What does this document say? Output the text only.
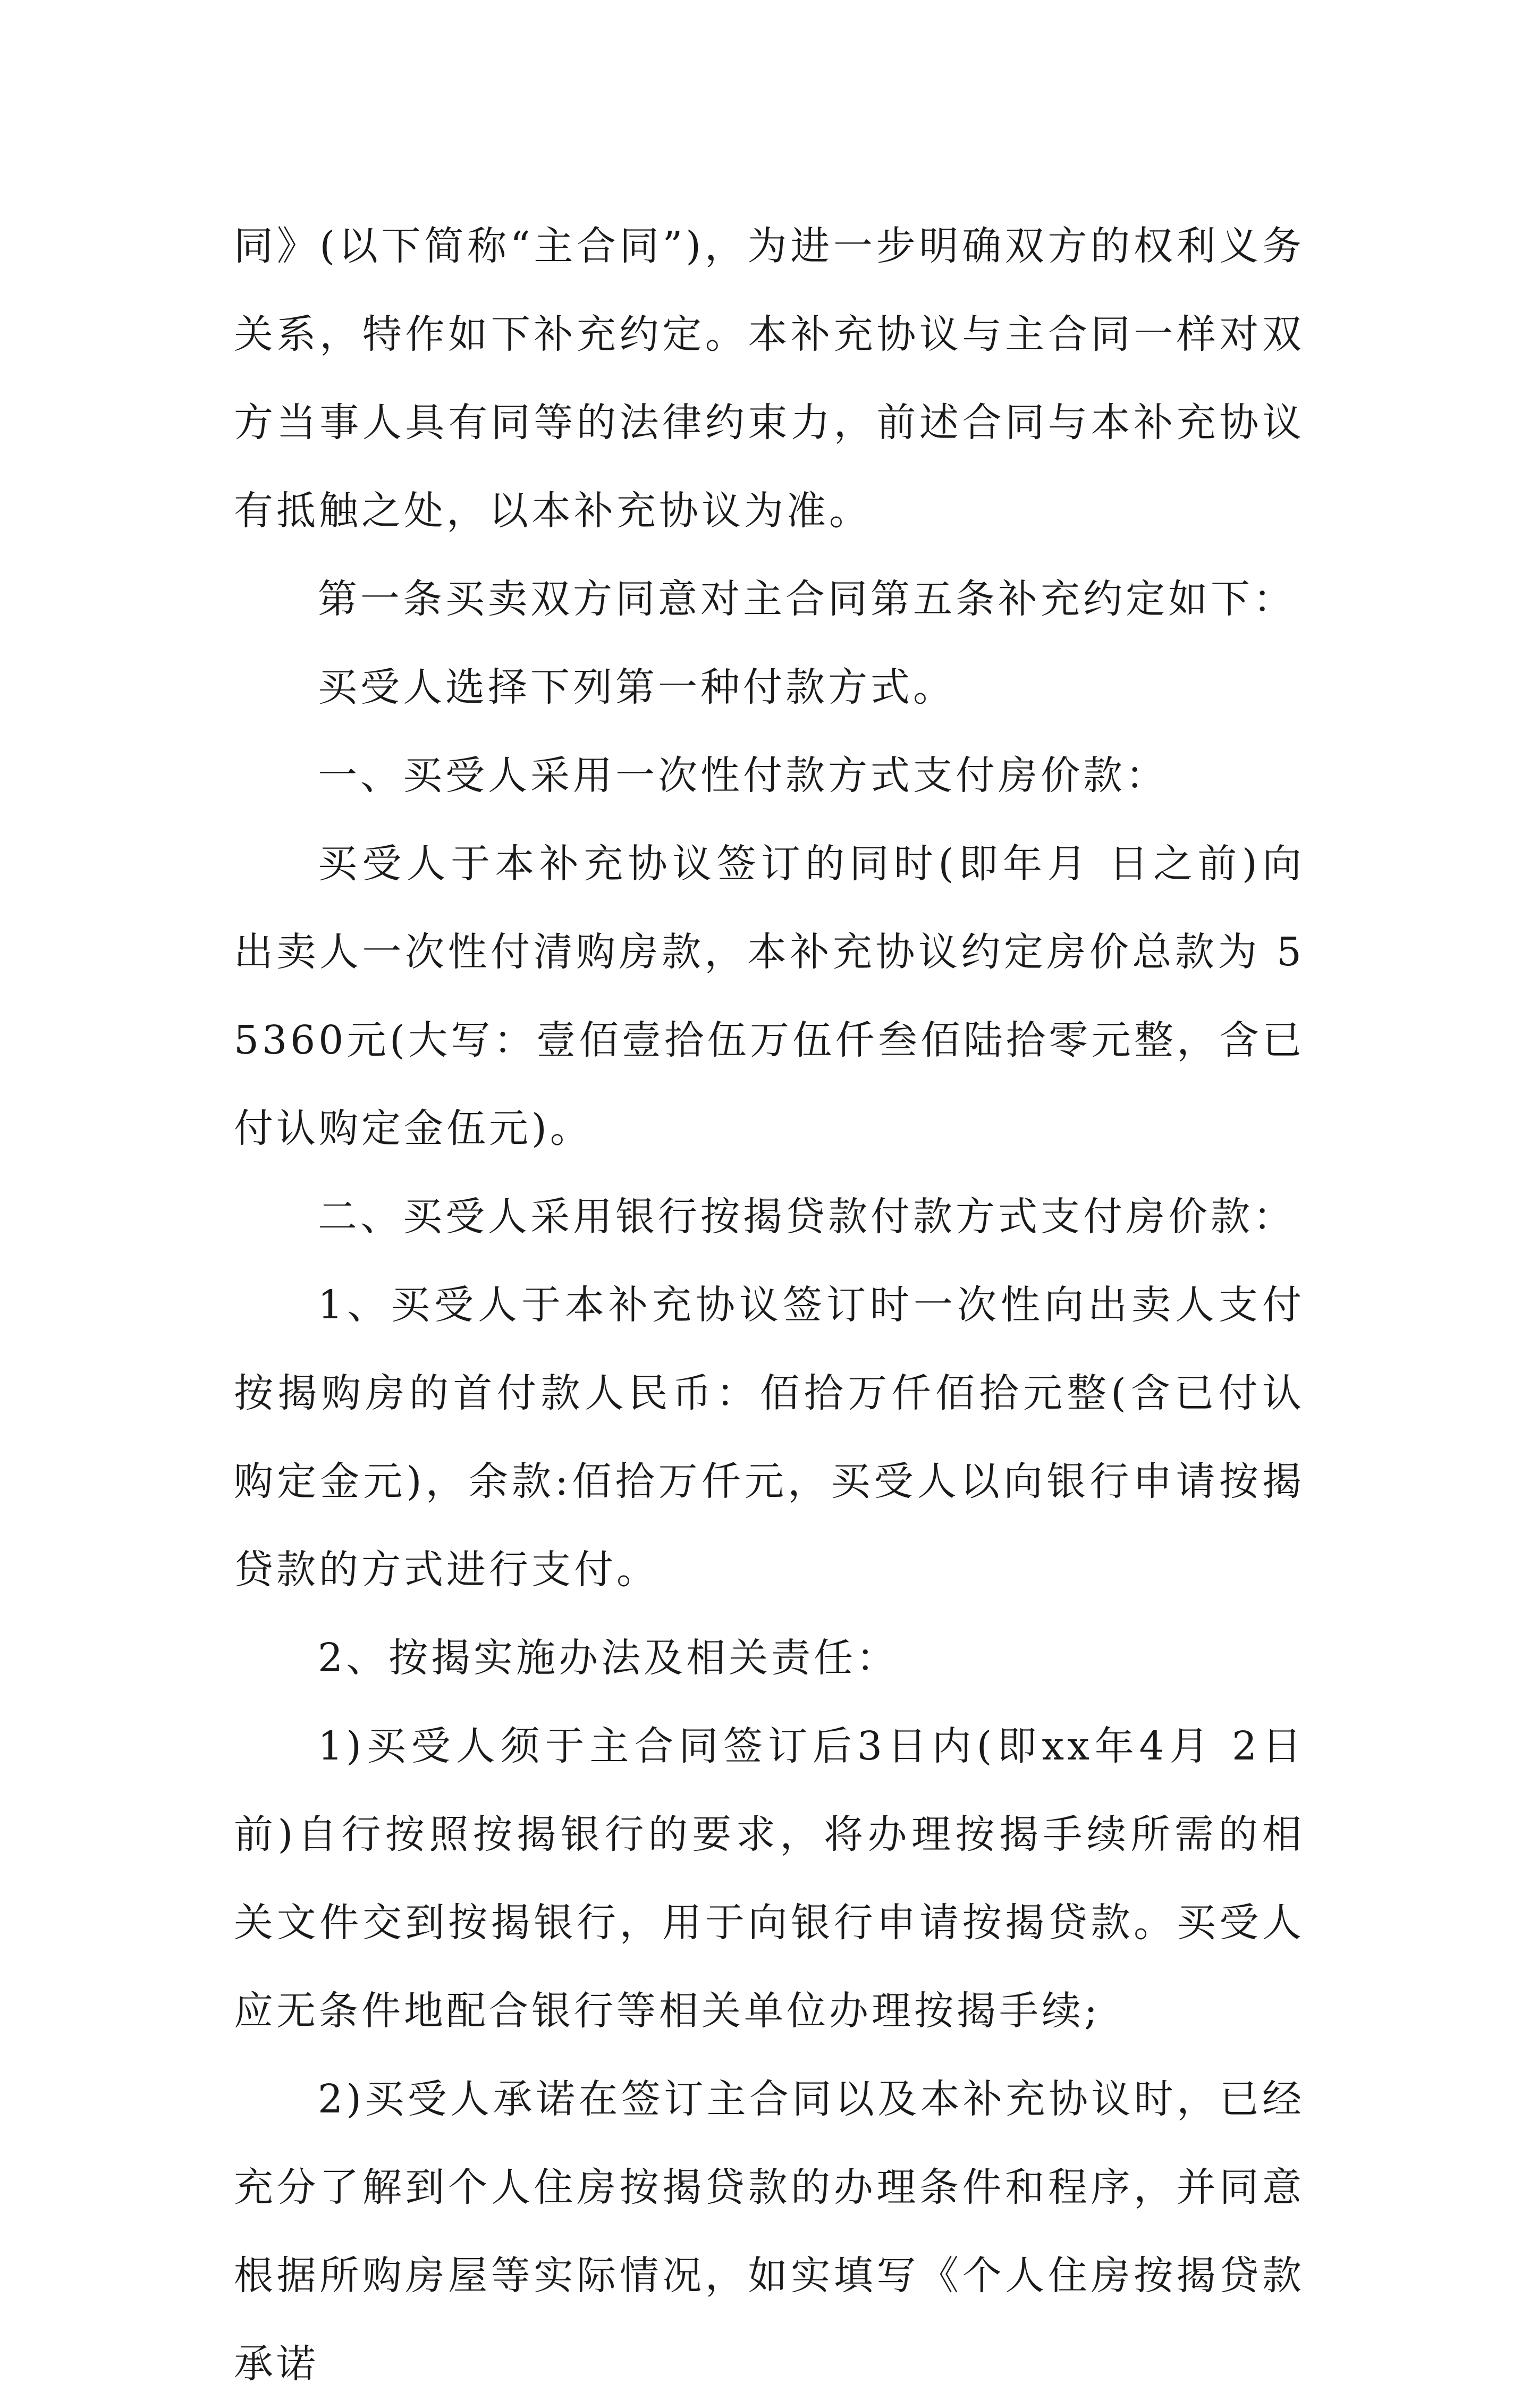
同》(以下简称“主合同”)，为进一步明确双方的权利义务关系，特作如下补充约定。本补充协议与主合同一样对双方当事人具有同等的法律约束力，前述合同与本补充协议有抵触之处，以本补充协议为准。

第一条买卖双方同意对主合同第五条补充约定如下：

买受人选择下列第一种付款方式。

一、买受人采用一次性付款方式支付房价款：

买受人于本补充协议签订的同时(即年月 日之前)向出卖人一次性付清购房款，本补充协议约定房价总款为 55360元(大写：壹佰壹拾伍万伍仟叁佰陆拾零元整，含已付认购定金伍元)。

二、买受人采用银行按揭贷款付款方式支付房价款：

1、买受人于本补充协议签订时一次性向出卖人支付按揭购房的首付款人民币：佰拾万仟佰拾元整(含已付认购定金元)，余款:佰拾万仟元，买受人以向银行申请按揭贷款的方式进行支付。

2、按揭实施办法及相关责任：

1)买受人须于主合同签订后3日内(即xx年4月 2日前)自行按照按揭银行的要求，将办理按揭手续所需的相关文件交到按揭银行，用于向银行申请按揭贷款。买受人应无条件地配合银行等相关单位办理按揭手续;

2)买受人承诺在签订主合同以及本补充协议时，已经充分了解到个人住房按揭贷款的办理条件和程序，并同意根据所购房屋等实际情况，如实填写《个人住房按揭贷款承诺
